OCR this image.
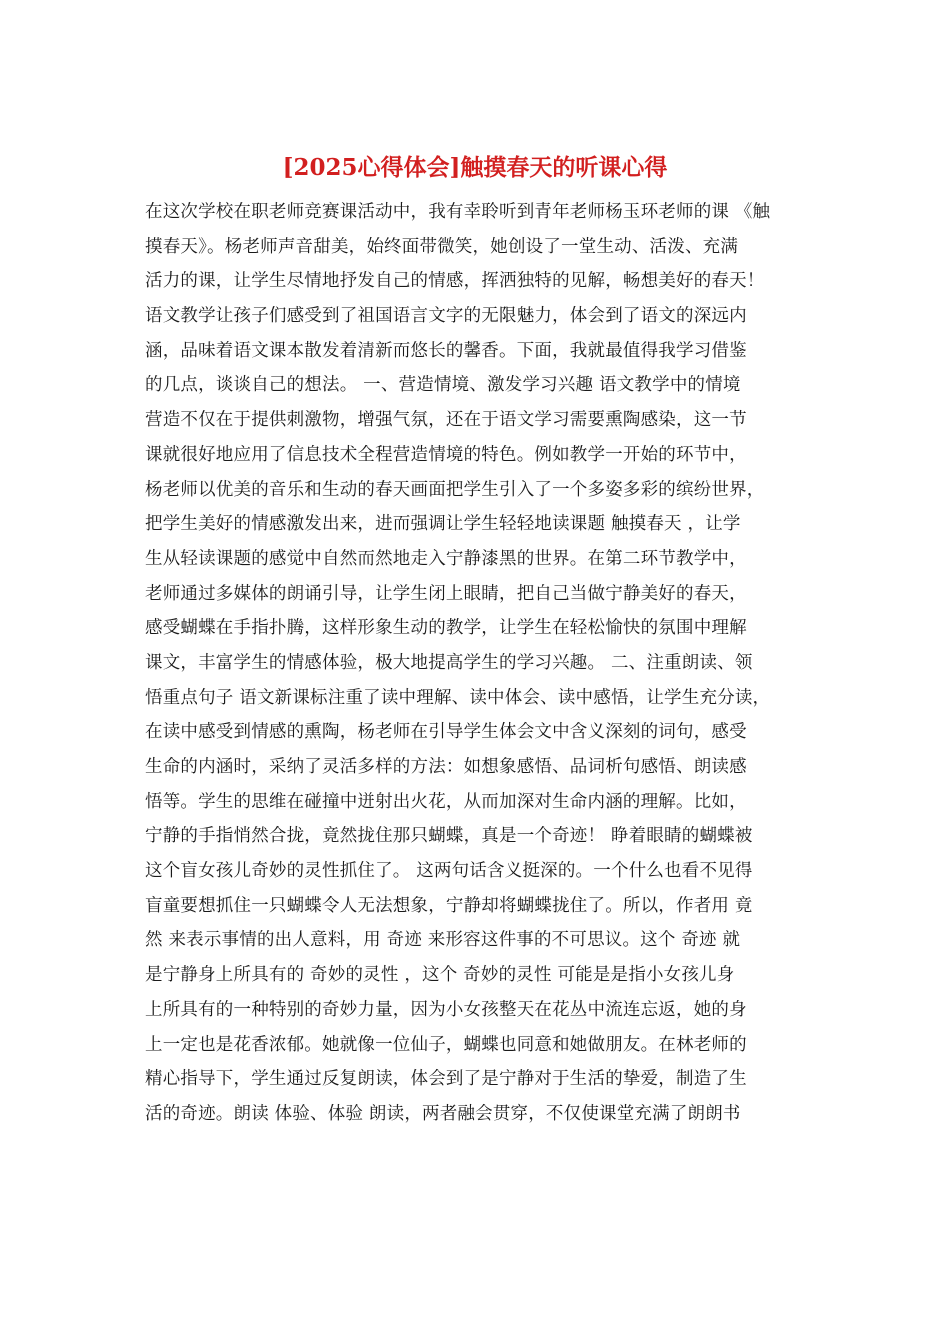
[2025心得体会]触摸春天的听课心得
在这次学校在职老师竞赛课活动中，我有幸聆听到青年老师杨玉环老师的课 《触
摸春天》。杨老师声音甜美，始终面带微笑，她创设了一堂生动、活泼、充满
活力的课，让学生尽情地抒发自己的情感，挥洒独特的见解，畅想美好的春天！
语文教学让孩子们感受到了祖国语言文字的无限魅力，体会到了语文的深远内
涵，品味着语文课本散发着清新而悠长的馨香。下面，我就最值得我学习借鉴
的几点，谈谈自己的想法。 一、营造情境、激发学习兴趣 语文教学中的情境
营造不仅在于提供刺激物，增强气氛，还在于语文学习需要熏陶感染，这一节
课就很好地应用了信息技术全程营造情境的特色。例如教学一开始的环节中，
杨老师以优美的音乐和生动的春天画面把学生引入了一个多姿多彩的缤纷世界，
把学生美好的情感激发出来，进而强调让学生轻轻地读课题 触摸春天 ，让学
生从轻读课题的感觉中自然而然地走入宁静漆黑的世界。在第二环节教学中，
老师通过多媒体的朗诵引导，让学生闭上眼睛，把自己当做宁静美好的春天，
感受蝴蝶在手指扑腾，这样形象生动的教学，让学生在轻松愉快的氛围中理解
课文，丰富学生的情感体验，极大地提高学生的学习兴趣。 二、注重朗读、领
悟重点句子 语文新课标注重了读中理解、读中体会、读中感悟，让学生充分读，
在读中感受到情感的熏陶，杨老师在引导学生体会文中含义深刻的词句，感受
生命的内涵时，采纳了灵活多样的方法：如想象感悟、品词析句感悟、朗读感
悟等。学生的思维在碰撞中迸射出火花，从而加深对生命内涵的理解。比如，
宁静的手指悄然合拢，竟然拢住那只蝴蝶，真是一个奇迹！ 睁着眼睛的蝴蝶被
这个盲女孩儿奇妙的灵性抓住了。 这两句话含义挺深的。一个什么也看不见得
盲童要想抓住一只蝴蝶令人无法想象，宁静却将蝴蝶拢住了。所以，作者用 竟
然 来表示事情的出人意料，用 奇迹 来形容这件事的不可思议。这个 奇迹 就
是宁静身上所具有的 奇妙的灵性 ，这个 奇妙的灵性 可能是是指小女孩儿身
上所具有的一种特别的奇妙力量，因为小女孩整天在花丛中流连忘返，她的身
上一定也是花香浓郁。她就像一位仙子，蝴蝶也同意和她做朋友。在林老师的
精心指导下，学生通过反复朗读，体会到了是宁静对于生活的挚爱，制造了生
活的奇迹。朗读 体验、体验 朗读，两者融会贯穿，不仅使课堂充满了朗朗书
